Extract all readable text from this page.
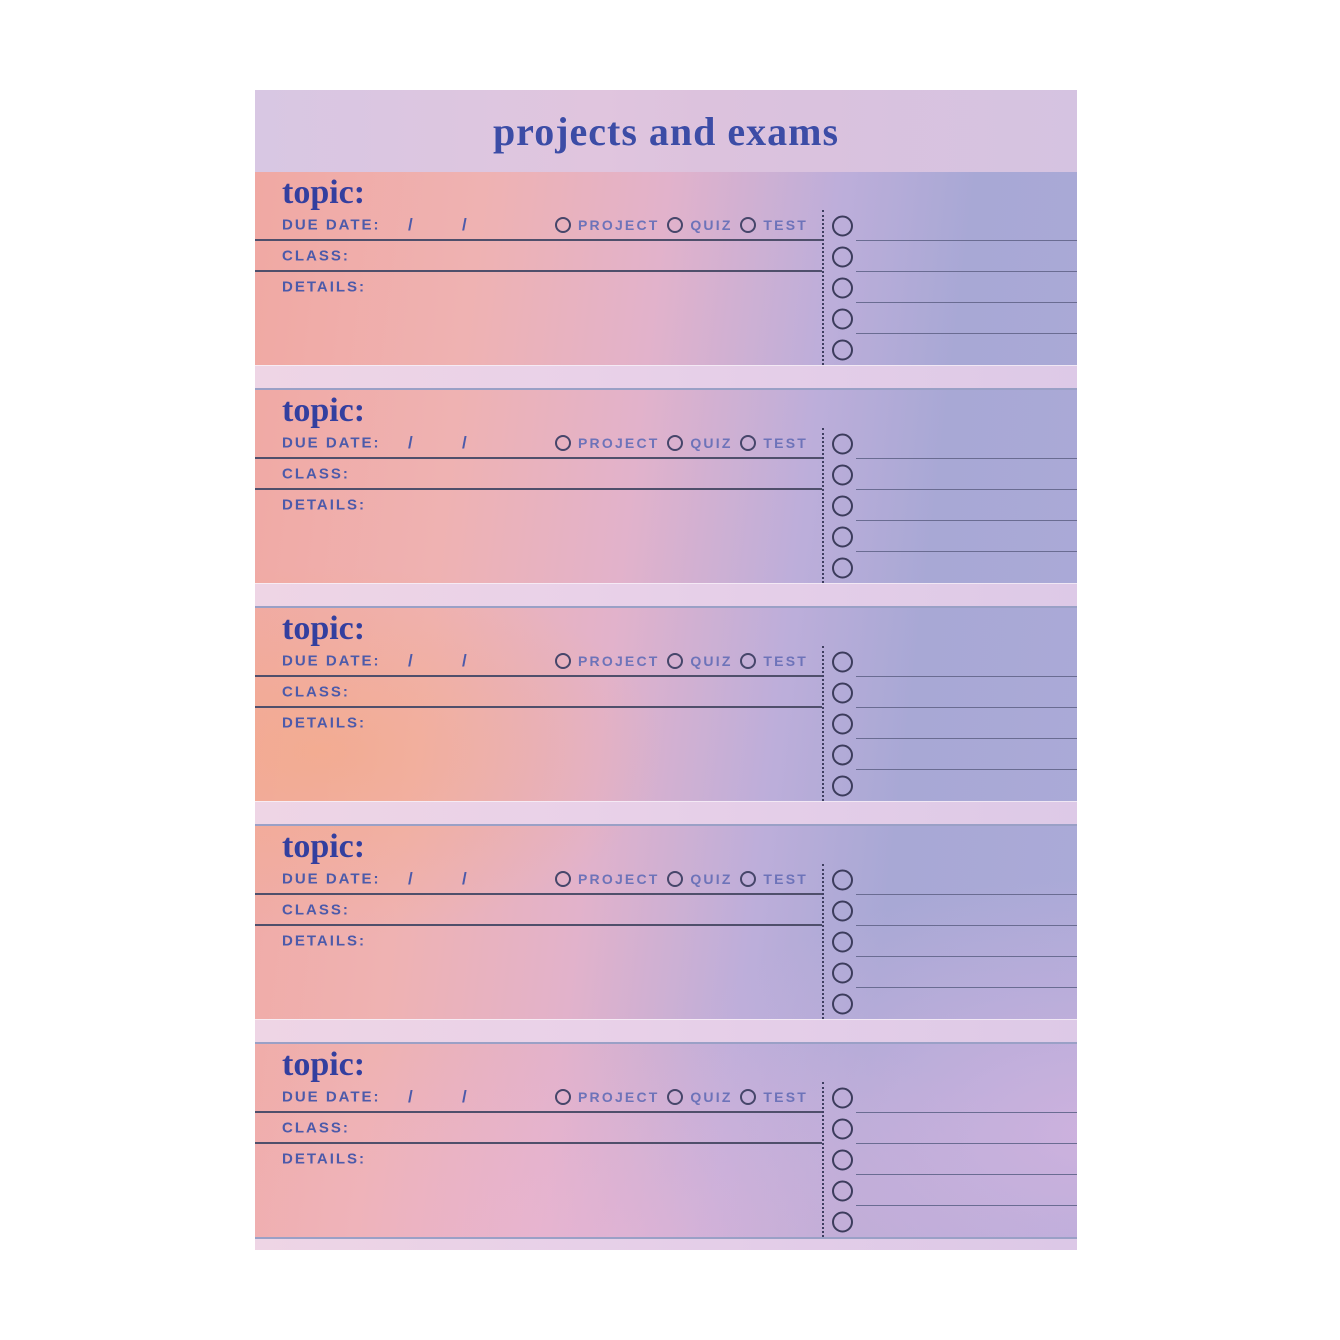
projects and exams
topic:
DUE DATE: /	/	PROJECT QUIZ TEST
CLASS:
DETAILS:
topic:
DUE DATE: /	/	PROJECT QUIZ TEST
CLASS:
DETAILS:
topic:
DUE DATE: /	/	PROJECT QUIZ TEST
CLASS:
DETAILS:
topic:
DUE DATE: /	/	PROJECT QUIZ TEST
CLASS:
DETAILS:
topic:
DUE DATE: /	/	PROJECT QUIZ TEST
CLASS:
DETAILS:
